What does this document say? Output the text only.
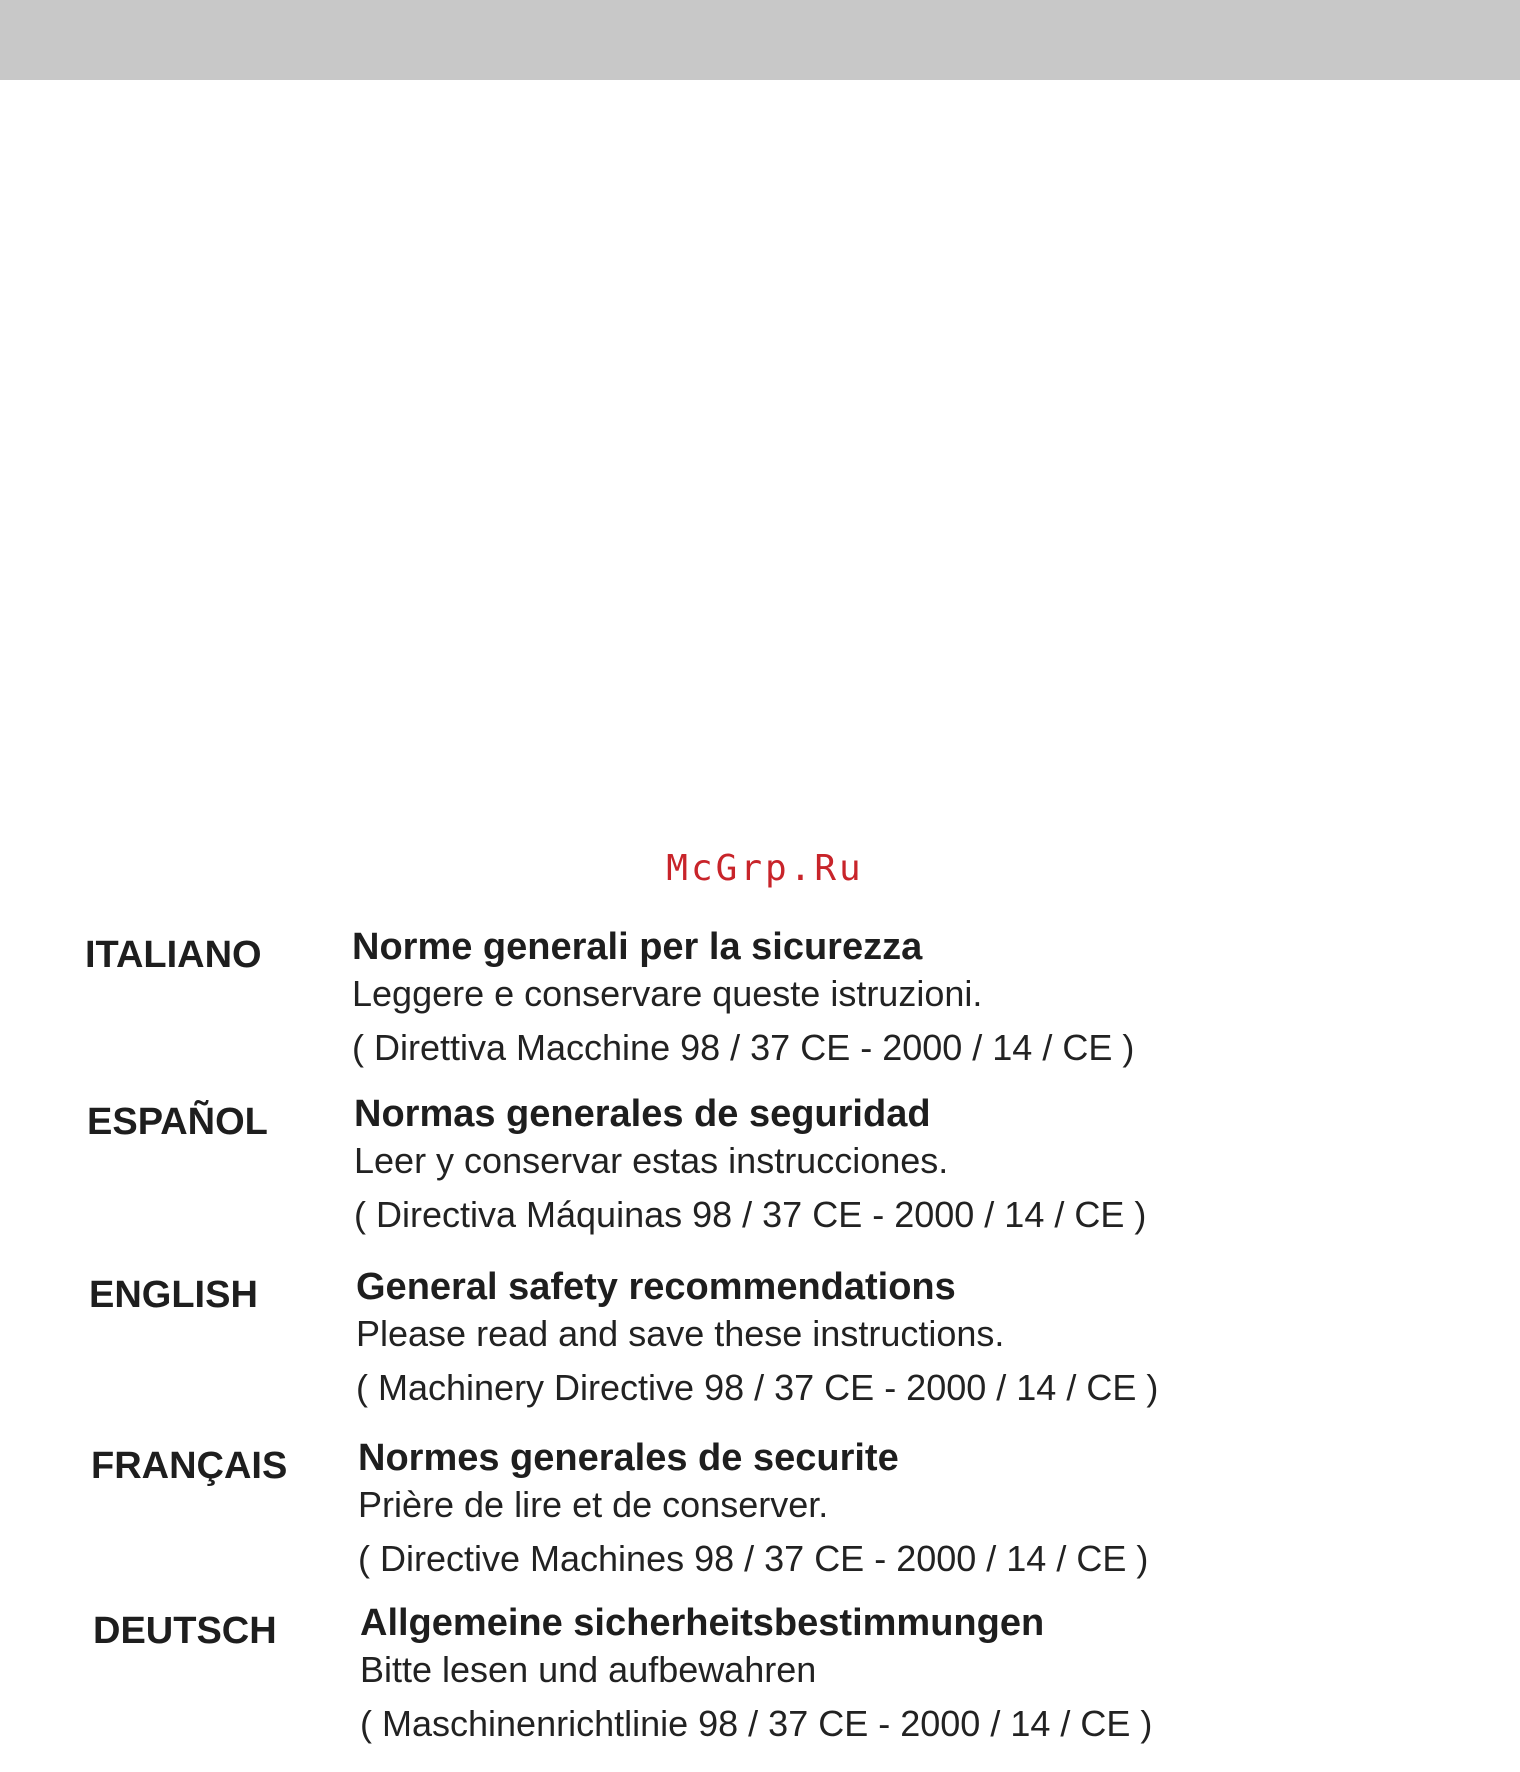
McGrp.Ru
ITALIANO Norme generali per la sicurezza
Leggere e conservare queste istruzioni.
( Direttiva Macchine 98 / 37 CE - 2000 / 14 / CE )
ESPAÑOL Normas generales de seguridad
Leer y conservar estas instrucciones.
( Directiva Máquinas 98 / 37 CE - 2000 / 14 / CE )
ENGLISH	General safety recommendations
Please read and save these instructions.
( Machinery Directive 98 / 37 CE - 2000 / 14 / CE )
FRANÇAIS Normes generales de securite
Prière de lire et de conserver.
( Directive Machines 98 / 37 CE - 2000 / 14 / CE )
DEUTSCH Allgemeine sicherheitsbestimmungen
Bitte lesen und aufbewahren
( Maschinenrichtlinie 98 / 37 CE - 2000 / 14 / CE )
